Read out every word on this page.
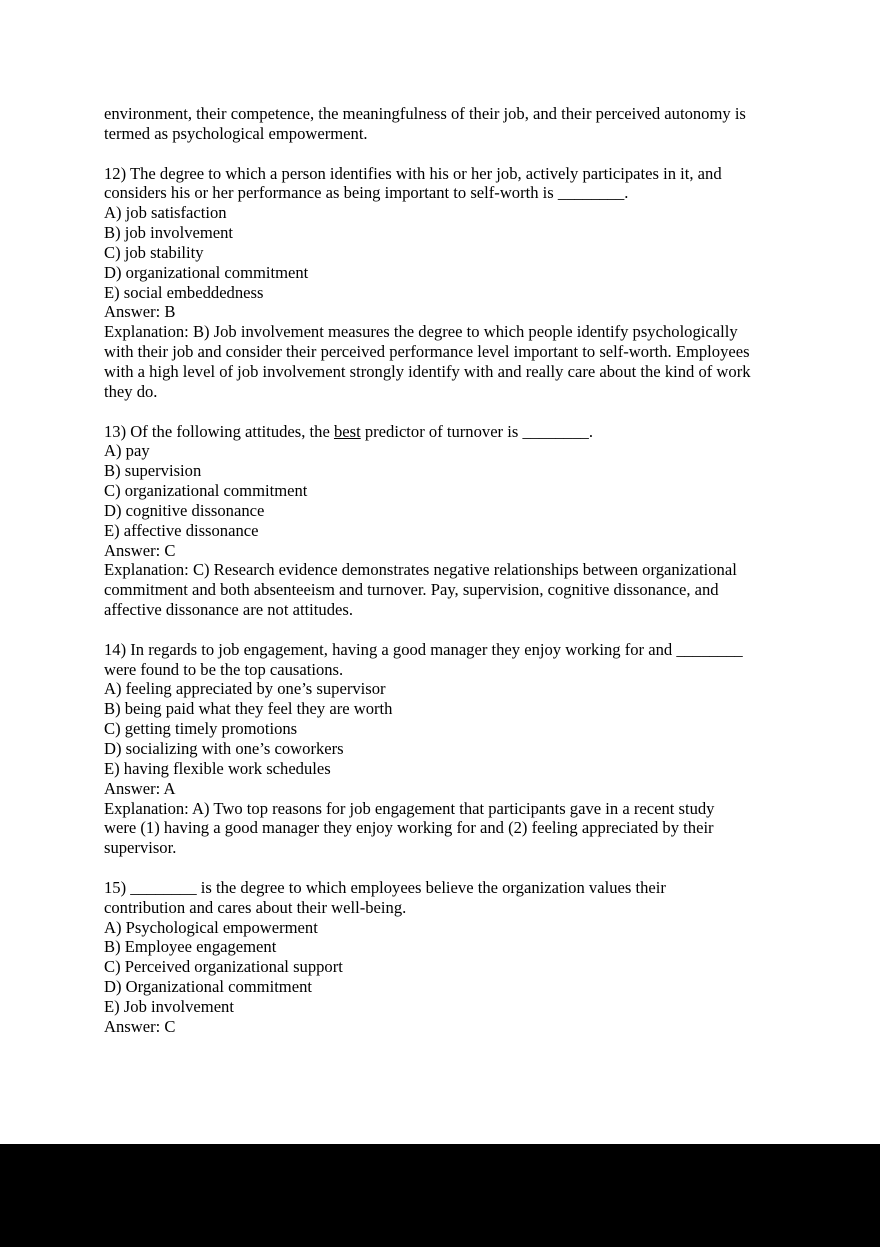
environment, their competence, the meaningfulness of their job, and their perceived autonomy is
termed as psychological empowerment.
12) The degree to which a person identifies with his or her job, actively participates in it, and
considers his or her performance as being important to self-worth is ________.
A) job satisfaction
B) job involvement
C) job stability
D) organizational commitment
E) social embeddedness
Answer: B
Explanation: B) Job involvement measures the degree to which people identify psychologically
with their job and consider their perceived performance level important to self-worth. Employees
with a high level of job involvement strongly identify with and really care about the kind of work
they do.
13) Of the following attitudes, the best predictor of turnover is ________.
A) pay
B) supervision
C) organizational commitment
D) cognitive dissonance
E) affective dissonance
Answer: C
Explanation: C) Research evidence demonstrates negative relationships between organizational
commitment and both absenteeism and turnover. Pay, supervision, cognitive dissonance, and
affective dissonance are not attitudes.
14) In regards to job engagement, having a good manager they enjoy working for and ________
were found to be the top causations.
A) feeling appreciated by one’s supervisor
B) being paid what they feel they are worth
C) getting timely promotions
D) socializing with one’s coworkers
E) having flexible work schedules
Answer: A
Explanation: A) Two top reasons for job engagement that participants gave in a recent study
were (1) having a good manager they enjoy working for and (2) feeling appreciated by their
supervisor.
15) ________ is the degree to which employees believe the organization values their
contribution and cares about their well-being.
A) Psychological empowerment
B) Employee engagement
C) Perceived organizational support
D) Organizational commitment
E) Job involvement
Answer: C
